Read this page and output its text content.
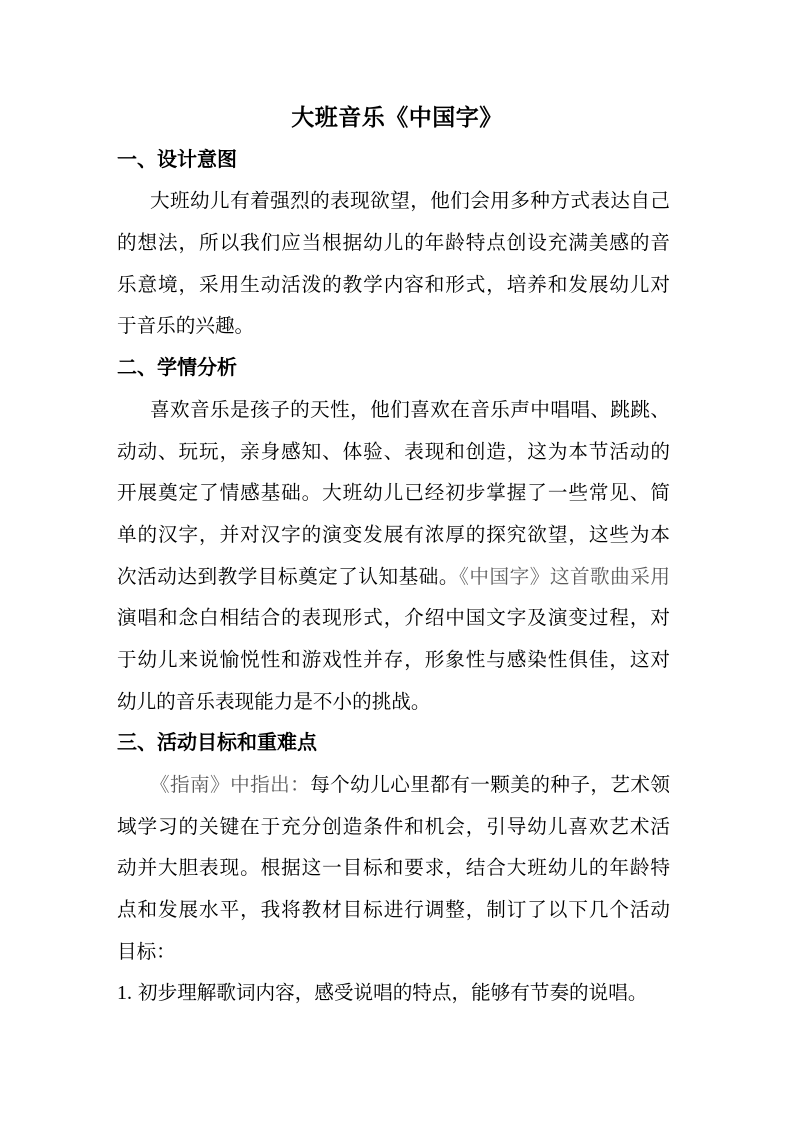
大班音乐《中国字》
一、设计意图
大班幼儿有着强烈的表现欲望，他们会用多种方式表达自己
的想法，所以我们应当根据幼儿的年龄特点创设充满美感的音
乐意境，采用生动活泼的教学内容和形式，培养和发展幼儿对
于音乐的兴趣。
二、学情分析
喜欢音乐是孩子的天性，他们喜欢在音乐声中唱唱、跳跳、
动动、玩玩，亲身感知、体验、表现和创造，这为本节活动的
开展奠定了情感基础。大班幼儿已经初步掌握了一些常见、简
单的汉字，并对汉字的演变发展有浓厚的探究欲望，这些为本
次活动达到教学目标奠定了认知基础。《中国字》这首歌曲采用
演唱和念白相结合的表现形式，介绍中国文字及演变过程，对
于幼儿来说愉悦性和游戏性并存，形象性与感染性俱佳，这对
幼儿的音乐表现能力是不小的挑战。
三、活动目标和重难点
《指南》中指出：每个幼儿心里都有一颗美的种子，艺术领
域学习的关键在于充分创造条件和机会，引导幼儿喜欢艺术活
动并大胆表现。根据这一目标和要求，结合大班幼儿的年龄特
点和发展水平，我将教材目标进行调整，制订了以下几个活动
目标：
1. 初步理解歌词内容，感受说唱的特点，能够有节奏的说唱。
